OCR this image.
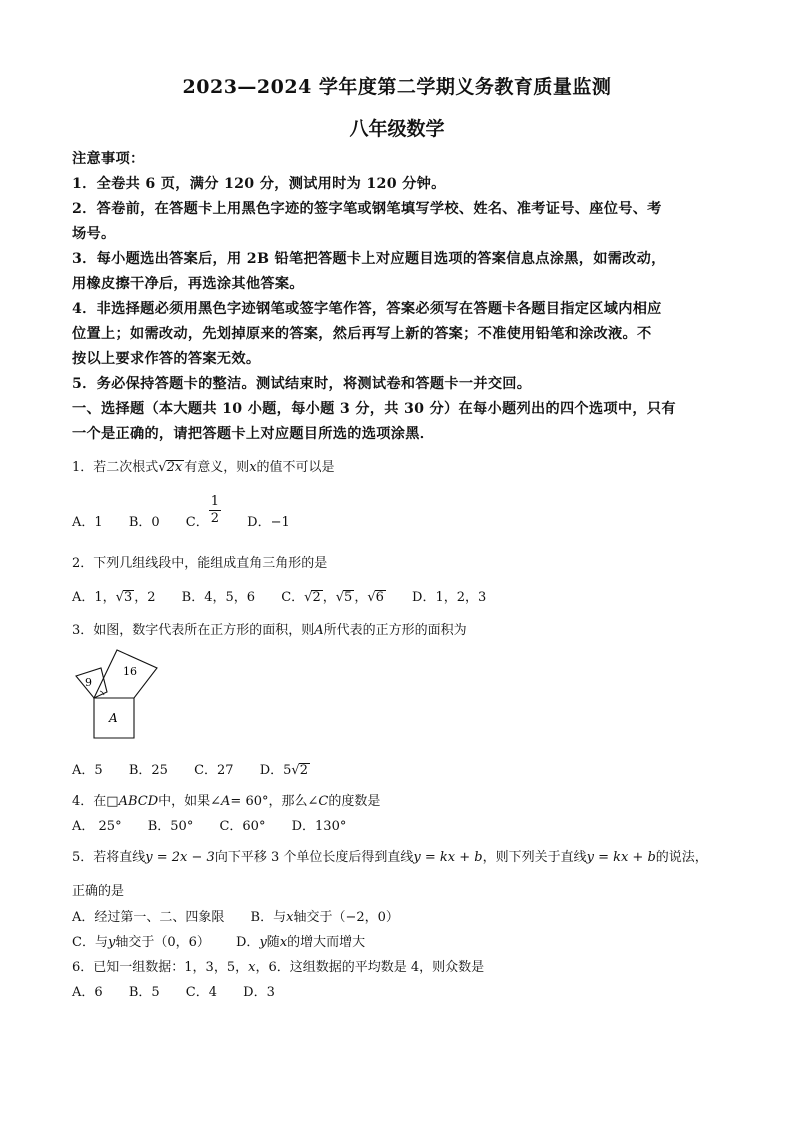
2023—2024 学年度第二学期义务教育质量监测
八年级数学
注意事项：
1．全卷共 6 页，满分 120 分，测试用时为 120 分钟。
2．答卷前，在答题卡上用黑色字迹的签字笔或钢笔填写学校、姓名、准考证号、座位号、考
场号。
3．每小题选出答案后，用 2B 铅笔把答题卡上对应题目选项的答案信息点涂黑，如需改动，
用橡皮擦干净后，再选涂其他答案。
4．非选择题必须用黑色字迹钢笔或签字笔作答，答案必须写在答题卡各题目指定区域内相应
位置上；如需改动，先划掉原来的答案，然后再写上新的答案；不准使用铅笔和涂改液。不
按以上要求作答的答案无效。
5．务必保持答题卡的整洁。测试结束时，将测试卷和答题卡一并交回。
一、选择题（本大题共 10 小题，每小题 3 分，共 30 分）在每小题列出的四个选项中，只有
一个是正确的，请把答题卡上对应题目所选的选项涂黑．
1．若二次根式√2x 有意义，则x的值不可以是
A．1 B．0 C． $\frac{1}{2}$ D．−1
2．下列几组线段中，能组成直角三角形的是
A．1，√3 ，2 B．4，5，6 C．√2 ，√5 ，√6 D．1，2，3
3．如图，数字代表所在正方形的面积，则A所代表的正方形的面积为
9
16
A
A．5 B．25 C．27 D．5√2
4．在□ABCD中，如果∠A= 60°，那么∠C的度数是
A． 25° B．50° C．60° D．130°
5．若将直线y = 2x − 3向下平移 3 个单位长度后得到直线y = kx + b，则下列关于直线y = kx + b的说法，
正确的是
A．经过第一、二、四象限 B．与x轴交于（−2，0）
C．与y轴交于（0，6） D．y随x的增大而增大
6．已知一组数据：1，3，5，x，6．这组数据的平均数是 4，则众数是
A．6 B．5 C．4 D．3
